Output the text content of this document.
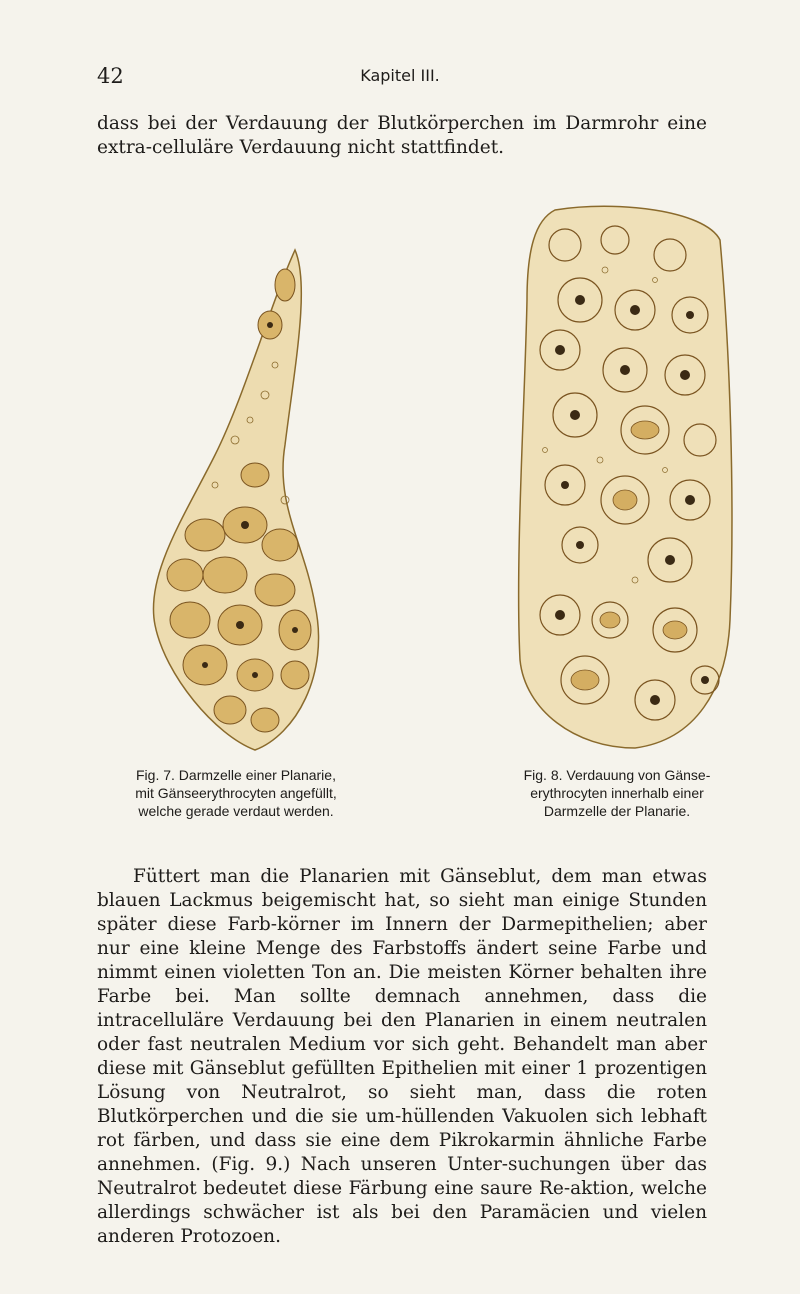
42	Kapitel III.
dass bei der Verdauung der Blutkörperchen im Darmrohr eine extra-celluläre Verdauung nicht stattfindet.
Fig. 7. Darmzelle einer Planarie,
mit Gänseerythrocyten angefüllt,
welche gerade verdaut werden.
Fig. 8. Verdauung von Gänse-
erythrocyten innerhalb einer
Darmzelle der Planarie.
Füttert man die Planarien mit Gänseblut, dem man etwas blauen Lackmus beigemischt hat, so sieht man einige Stunden später diese Farb-körner im Innern der Darmepithelien; aber nur eine kleine Menge des Farbstoffs ändert seine Farbe und nimmt einen violetten Ton an. Die meisten Körner behalten ihre Farbe bei. Man sollte demnach annehmen, dass die intracelluläre Verdauung bei den Planarien in einem neutralen oder fast neutralen Medium vor sich geht. Behandelt man aber diese mit Gänseblut gefüllten Epithelien mit einer 1 prozentigen Lösung von Neutralrot, so sieht man, dass die roten Blutkörperchen und die sie um-hüllenden Vakuolen sich lebhaft rot färben, und dass sie eine dem Pikrokarmin ähnliche Farbe annehmen. (Fig. 9.) Nach unseren Unter-suchungen über das Neutralrot bedeutet diese Färbung eine saure Re-aktion, welche allerdings schwächer ist als bei den Paramäcien und vielen anderen Protozoen.
